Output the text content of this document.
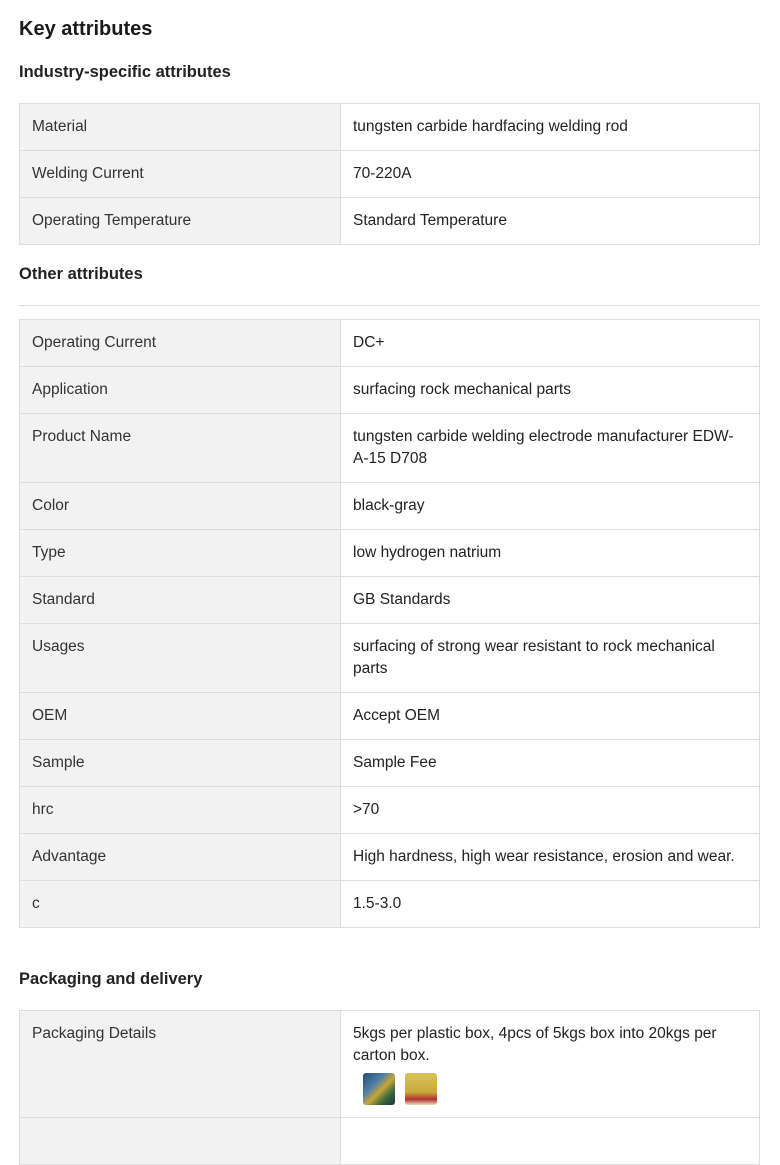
Key attributes
Industry-specific attributes
Material	tungsten carbide hardfacing welding rod
Welding Current	70-220A
Operating Temperature	Standard Temperature
Other attributes
Operating Current	DC+
Application	surfacing rock mechanical parts
Product Name	tungsten carbide welding electrode manufacturer EDW-A-15 D708
Color	black-gray
Type	low hydrogen natrium
Standard	GB Standards
Usages	surfacing of strong wear resistant to rock mechanical parts
OEM	Accept OEM
Sample	Sample Fee
hrc	>70
Advantage	High hardness, high wear resistance, erosion and wear.
c	1.5-3.0
Packaging and delivery
Packaging Details	5kgs per plastic box, 4pcs of 5kgs box into 20kgs per carton box.
